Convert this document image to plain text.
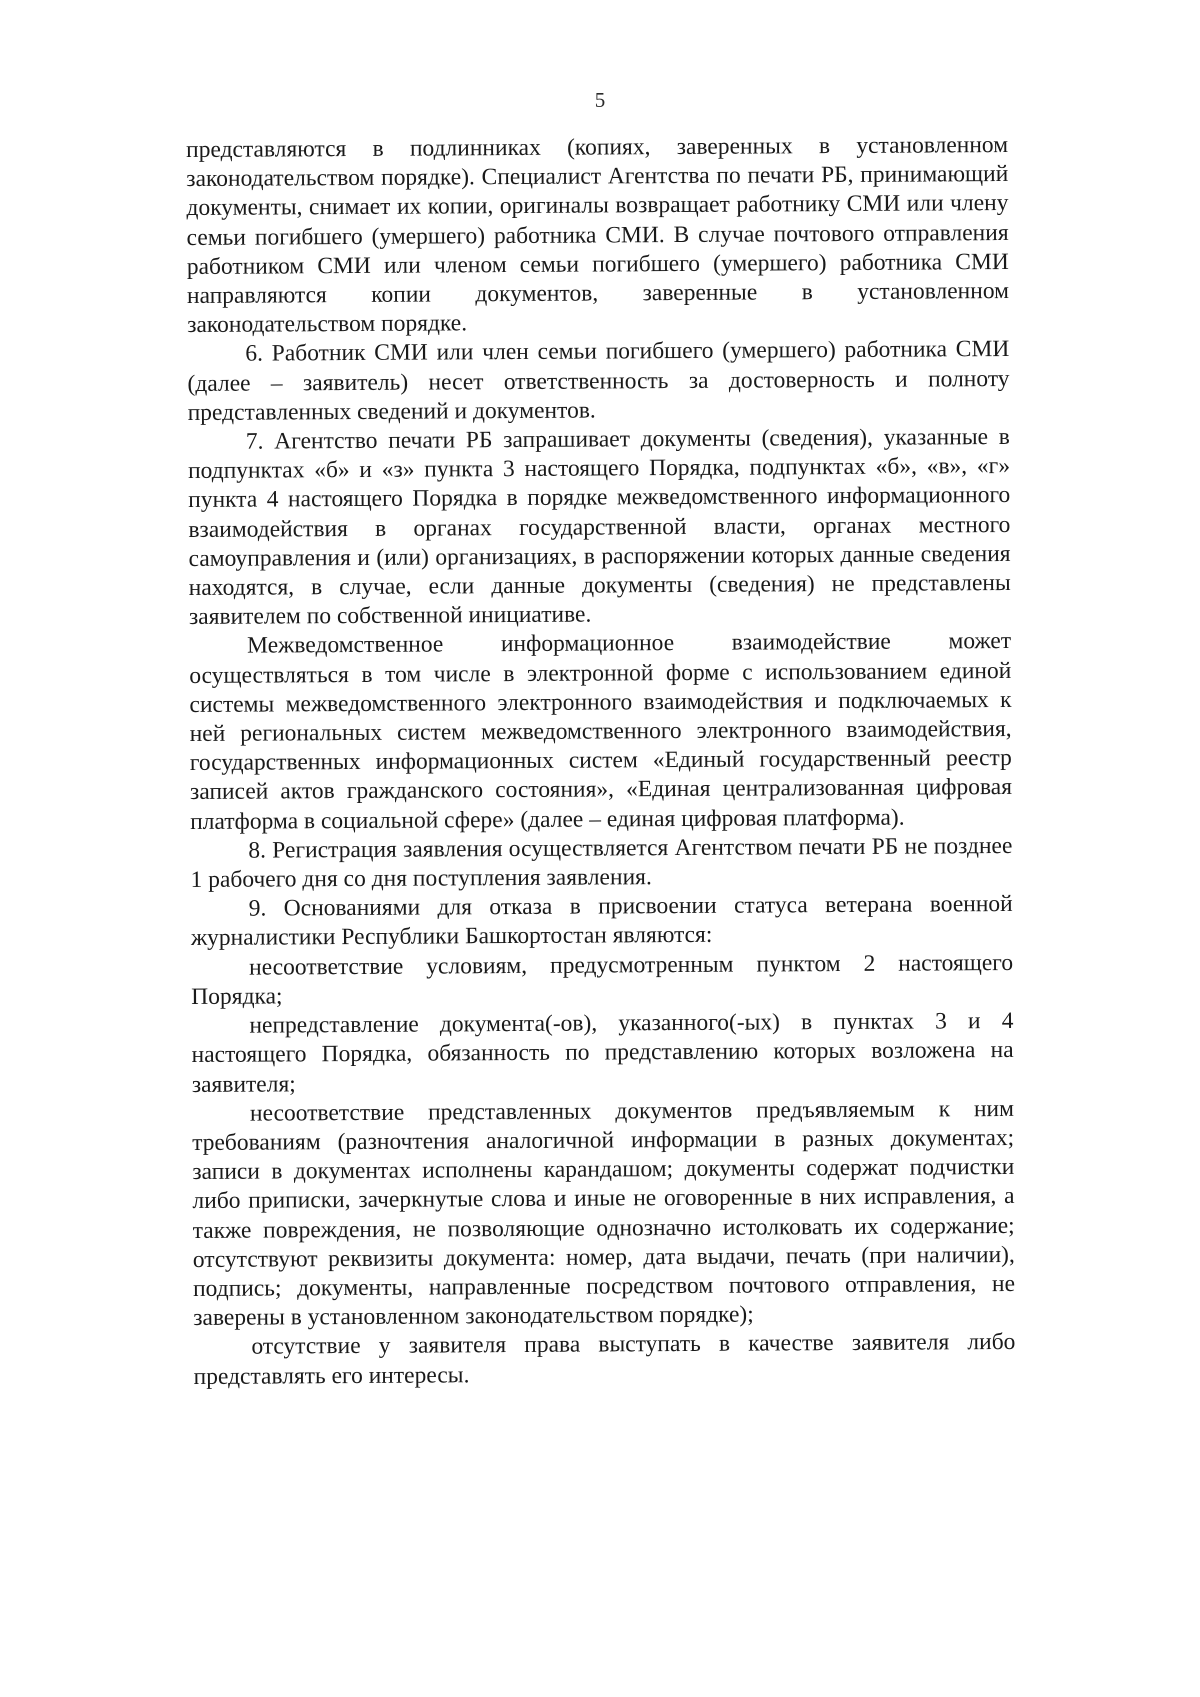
5

представляются в подлинниках (копиях, заверенных в установленном законодательством порядке). Специалист Агентства по печати РБ, принимающий документы, снимает их копии, оригиналы возвращает работнику СМИ или члену семьи погибшего (умершего) работника СМИ. В случае почтового отправления работником СМИ или членом семьи погибшего (умершего) работника СМИ направляются копии документов, заверенные в установленном законодательством порядке.

6. Работник СМИ или член семьи погибшего (умершего) работника СМИ (далее – заявитель) несет ответственность за достоверность и полноту представленных сведений и документов.

7. Агентство печати РБ запрашивает документы (сведения), указанные в подпунктах «б» и «з» пункта 3 настоящего Порядка, подпунктах «б», «в», «г» пункта 4 настоящего Порядка в порядке межведомственного информационного взаимодействия в органах государственной власти, органах местного самоуправления и (или) организациях, в распоряжении которых данные сведения находятся, в случае, если данные документы (сведения) не представлены заявителем по собственной инициативе.

Межведомственное информационное взаимодействие может осуществляться в том числе в электронной форме с использованием единой системы межведомственного электронного взаимодействия и подключаемых к ней региональных систем межведомственного электронного взаимодействия, государственных информационных систем «Единый государственный реестр записей актов гражданского состояния», «Единая централизованная цифровая платформа в социальной сфере» (далее – единая цифровая платформа).

8. Регистрация заявления осуществляется Агентством печати РБ не позднее 1 рабочего дня со дня поступления заявления.

9. Основаниями для отказа в присвоении статуса ветерана военной журналистики Республики Башкортостан являются:

несоответствие условиям, предусмотренным пунктом 2 настоящего Порядка;

непредставление документа(-ов), указанного(-ых) в пунктах 3 и 4 настоящего Порядка, обязанность по представлению которых возложена на заявителя;

несоответствие представленных документов предъявляемым к ним требованиям (разночтения аналогичной информации в разных документах; записи в документах исполнены карандашом; документы содержат подчистки либо приписки, зачеркнутые слова и иные не оговоренные в них исправления, а также повреждения, не позволяющие однозначно истолковать их содержание; отсутствуют реквизиты документа: номер, дата выдачи, печать (при наличии), подпись; документы, направленные посредством почтового отправления, не заверены в установленном законодательством порядке);

отсутствие у заявителя права выступать в качестве заявителя либо представлять его интересы.
